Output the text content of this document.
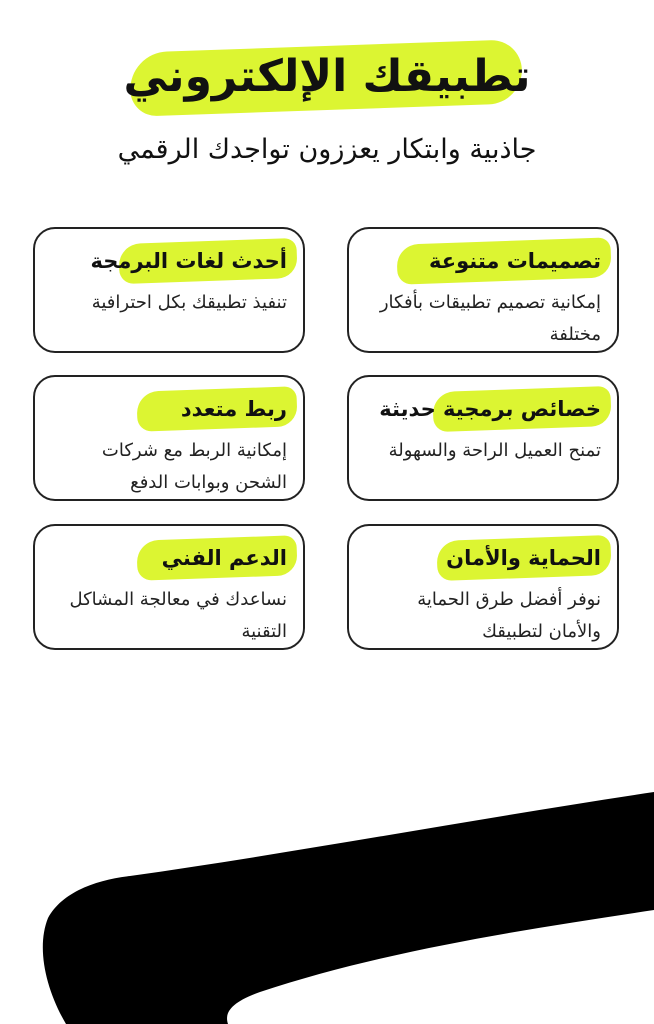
تطبيقك الإلكتروني
جاذبية وابتكار يعززون تواجدك الرقمي
تصميمات متنوعة
إمكانية تصميم تطبيقات بأفكار مختلفة
أحدث لغات البرمجة
تنفيذ تطبيقك بكل احترافية
خصائص برمجية حديثة
تمنح العميل الراحة والسهولة
ربط متعدد
إمكانية الربط مع شركات الشحن وبوابات الدفع
الحماية والأمان
نوفر أفضل طرق الحماية والأمان لتطبيقك
الدعم الفني
نساعدك في معالجة المشاكل التقنية
